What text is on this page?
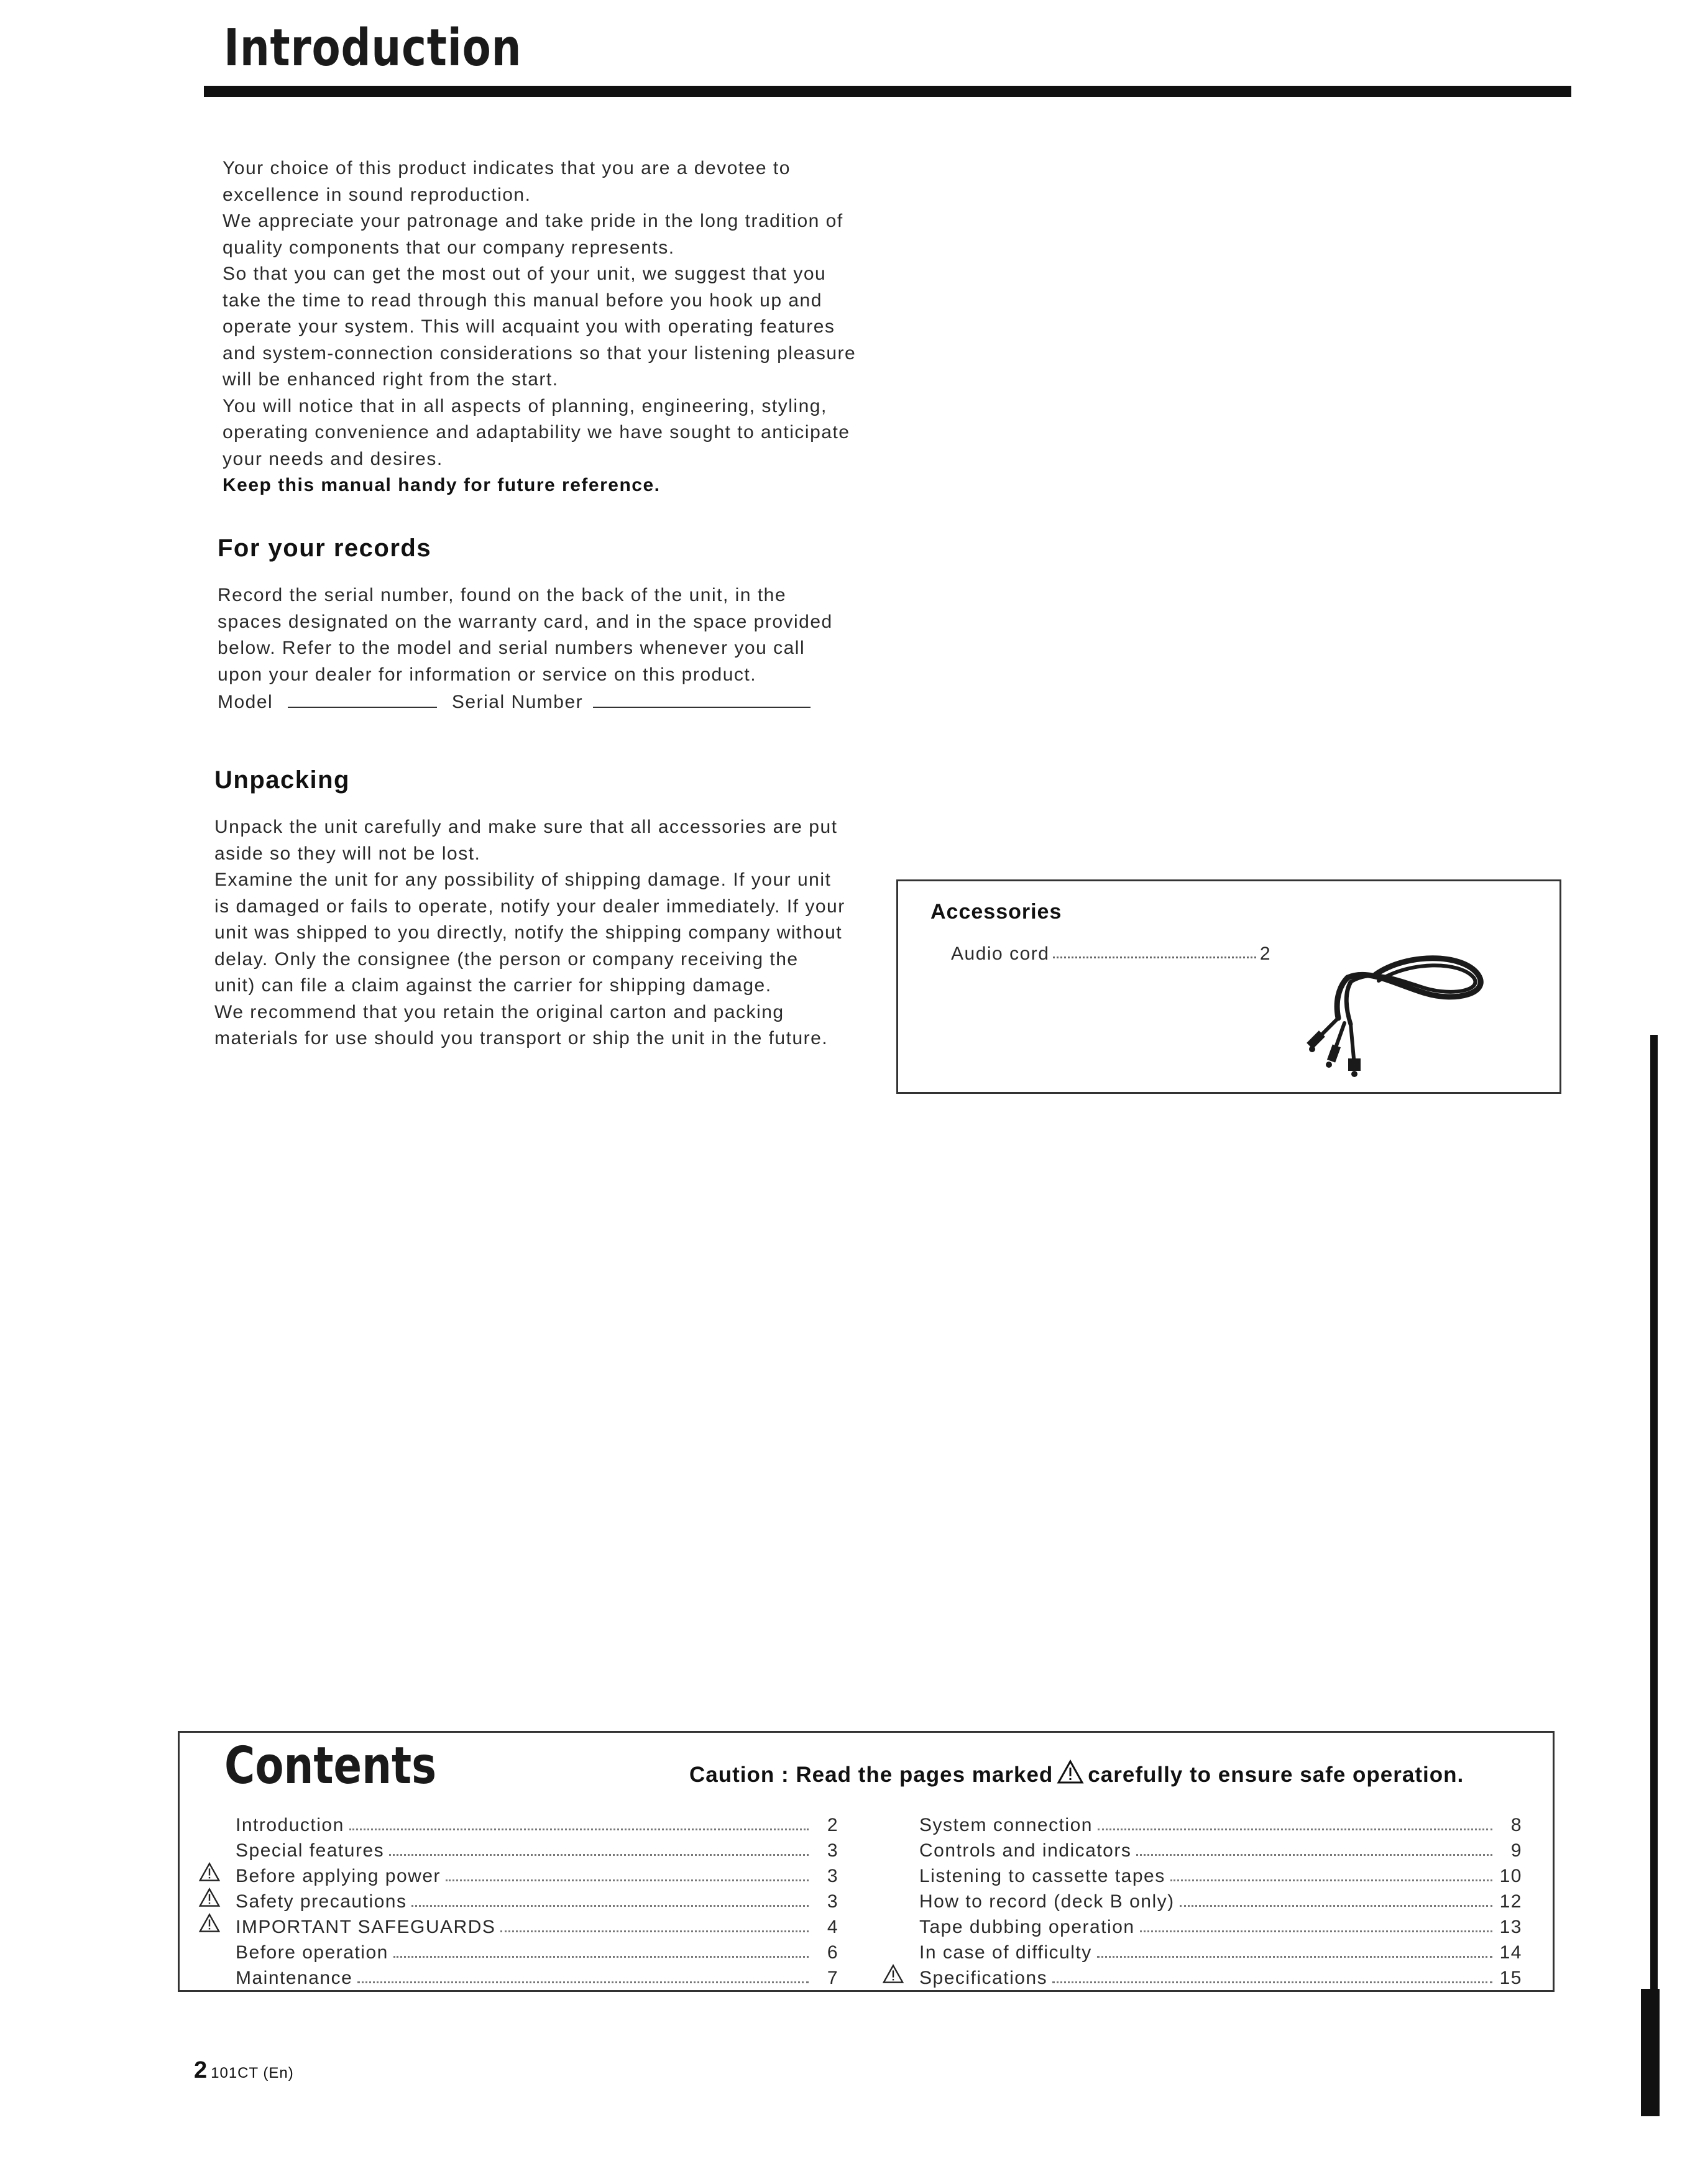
Introduction

Your choice of this product indicates that you are a devotee to excellence in sound reproduction.

We appreciate your patronage and take pride in the long tradition of quality components that our company represents.

So that you can get the most out of your unit, we suggest that you take the time to read through this manual before you hook up and operate your system. This will acquaint you with operating features and system-connection considerations so that your listening pleasure will be enhanced right from the start.

You will notice that in all aspects of planning, engineering, styling, operating convenience and adaptability we have sought to anticipate your needs and desires.

Keep this manual handy for future reference.

For your records

Record the serial number, found on the back of the unit, in the spaces designated on the warranty card, and in the space provided below. Refer to the model and serial numbers whenever you call upon your dealer for information or service on this product.

Model	Serial Number

Unpacking

Unpack the unit carefully and make sure that all accessories are put aside so they will not be lost.

Examine the unit for any possibility of shipping damage. If your unit is damaged or fails to operate, notify your dealer immediately. If your unit was shipped to you directly, notify the shipping company without delay. Only the consignee (the person or company receiving the unit) can file a claim against the carrier for shipping damage.

We recommend that you retain the original carton and packing materials for use should you transport or ship the unit in the future.

Accessories
Audio cord	2
Contents	Caution : Read the pages marked carefully to ensure safe operation.
Introduction	2
Special features	3
Before applying power	3
Safety precautions	3
IMPORTANT SAFEGUARDS	4
Before operation	6
Maintenance	7
System connection	8
Controls and indicators	9
Listening to cassette tapes	10
How to record (deck B only)	12
Tape dubbing operation	13
In case of difficulty	14
Specifications	15
2 101CT (En)
